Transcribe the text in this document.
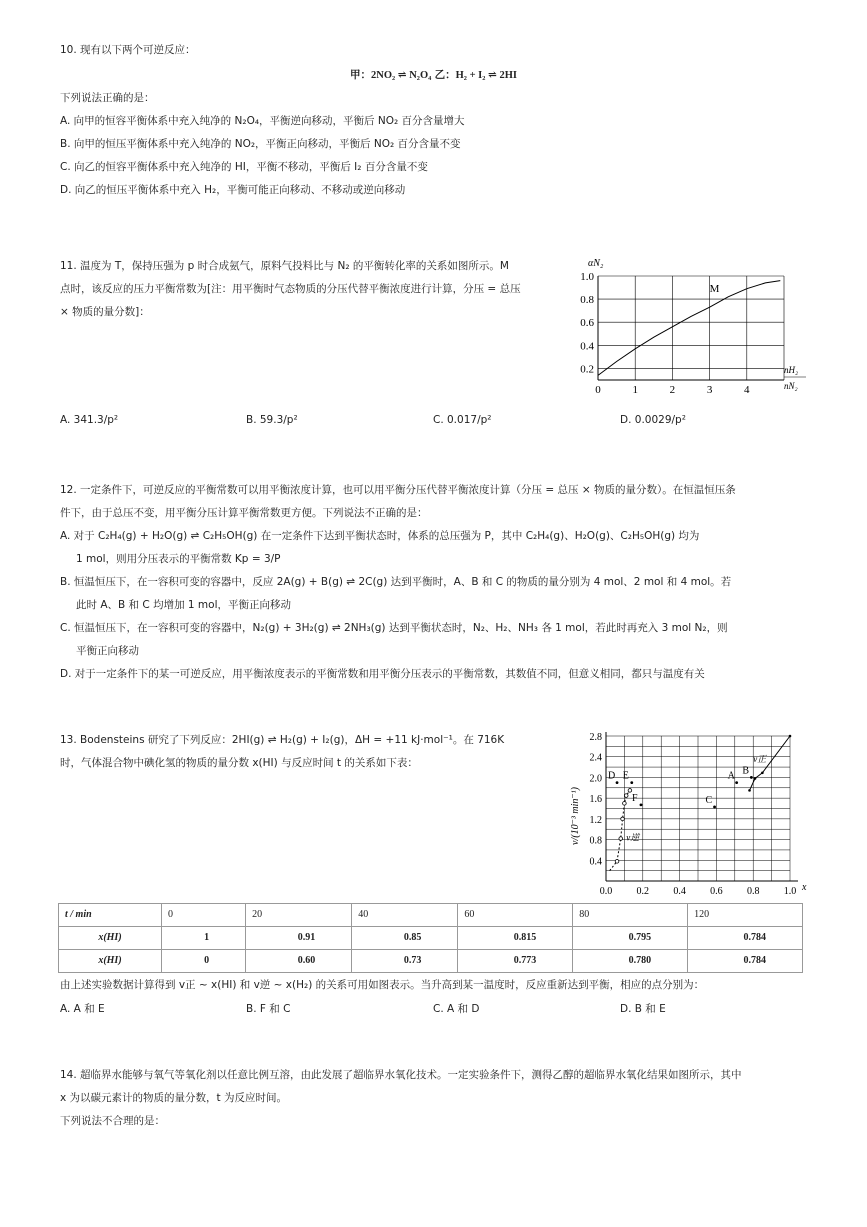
10. 现有以下两个可逆反应：
甲：2NO₂ ⇌ N₂O₄ 乙：H₂ + I₂ ⇌ 2HI
下列说法正确的是：
A. 向甲的恒容平衡体系中充入纯净的 N₂O₄，平衡逆向移动，平衡后 NO₂ 百分含量增大
B. 向甲的恒压平衡体系中充入纯净的 NO₂，平衡正向移动，平衡后 NO₂ 百分含量不变
C. 向乙的恒容平衡体系中充入纯净的 HI，平衡不移动，平衡后 I₂ 百分含量不变
D. 向乙的恒压平衡体系中充入 H₂，平衡可能正向移动、不移动或逆向移动
11. 温度为 T，保持压强为 p 时合成氨气，原料气投料比与 N₂ 的平衡转化率的关系如图所示。M
点时，该反应的压力平衡常数为[注：用平衡时气态物质的分压代替平衡浓度进行计算，分压 = 总压
× 物质的量分数]：
0	1	2	3	4
0.2
0.4
0.6
0.8
1.0
M
αN₂
nH₂
nN₂
A. 341.3/p²	B. 59.3/p²	C. 0.017/p²	D. 0.0029/p²
12. 一定条件下，可逆反应的平衡常数可以用平衡浓度计算，也可以用平衡分压代替平衡浓度计算（分压 = 总压 × 物质的量分数）。在恒温恒压条
件下，由于总压不变，用平衡分压计算平衡常数更方便。下列说法不正确的是：
A. 对于 C₂H₄(g) + H₂O(g) ⇌ C₂H₅OH(g) 在一定条件下达到平衡状态时，体系的总压强为 P，其中 C₂H₄(g)、H₂O(g)、C₂H₅OH(g) 均为
1 mol，则用分压表示的平衡常数 Kp = 3/P
B. 恒温恒压下，在一容积可变的容器中，反应 2A(g) + B(g) ⇌ 2C(g) 达到平衡时，A、B 和 C 的物质的量分别为 4 mol、2 mol 和 4 mol。若
此时 A、B 和 C 均增加 1 mol，平衡正向移动
C. 恒温恒压下，在一容积可变的容器中，N₂(g) + 3H₂(g) ⇌ 2NH₃(g) 达到平衡状态时，N₂、H₂、NH₃ 各 1 mol，若此时再充入 3 mol N₂，则
平衡正向移动
D. 对于一定条件下的某一可逆反应，用平衡浓度表示的平衡常数和用平衡分压表示的平衡常数，其数值不同，但意义相同，都只与温度有关
13. Bodensteins 研究了下列反应：2HI(g) ⇌ H₂(g) + I₂(g)，ΔH = +11 kJ·mol⁻¹。在 716K
时，气体混合物中碘化氢的物质的量分数 x(HI) 与反应时间 t 的关系如下表：
0.0 0.2 0.4 0.6 0.8 1.0
0.4
0.8
1.2
1.6
2.0
2.4
2.8
D E
F	C
A B
v正
v逆
x
v/(10⁻³ min⁻¹)
t / min	0	20	40	60	80	120
x(HI)	1	0.91	0.85	0.815	0.795	0.784
x(HI)	0	0.60	0.73	0.773	0.780	0.784
由上述实验数据计算得到 v正 ~ x(HI) 和 v逆 ~ x(H₂) 的关系可用如图表示。当升高到某一温度时，反应重新达到平衡，相应的点分别为：
A. A 和 E	B. F 和 C	C. A 和 D	D. B 和 E
14. 超临界水能够与氧气等氧化剂以任意比例互溶，由此发展了超临界水氧化技术。一定实验条件下，测得乙醇的超临界水氧化结果如图所示，其中
x 为以碳元素计的物质的量分数，t 为反应时间。
下列说法不合理的是：
